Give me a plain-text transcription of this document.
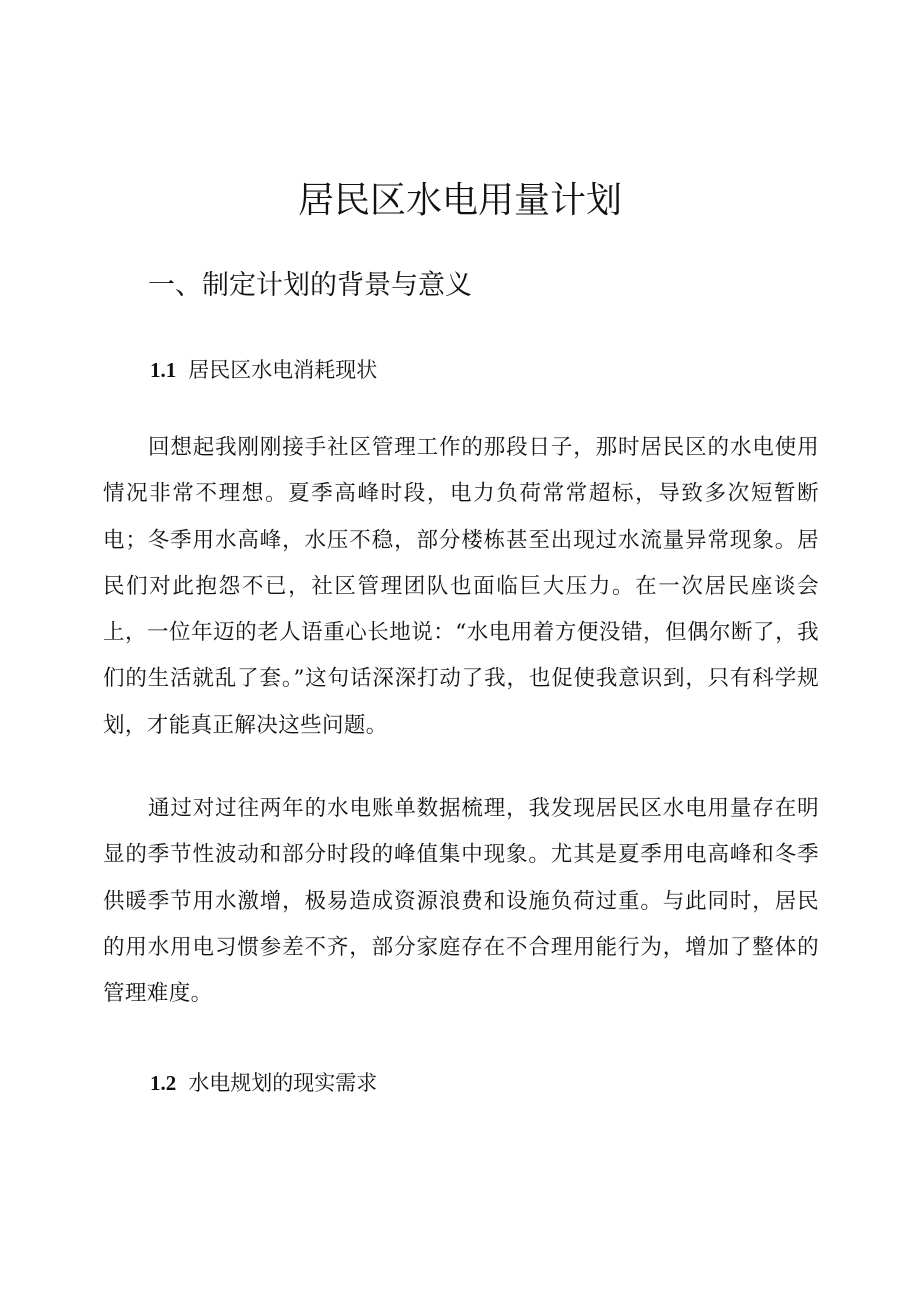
居民区水电用量计划
一、制定计划的背景与意义
1.1 居民区水电消耗现状

回想起我刚刚接手社区管理工作的那段日子，那时居民区的水电使用情况非常不理想。夏季高峰时段，电力负荷常常超标，导致多次短暂断电；冬季用水高峰，水压不稳，部分楼栋甚至出现过水流量异常现象。居民们对此抱怨不已，社区管理团队也面临巨大压力。在一次居民座谈会上，一位年迈的老人语重心长地说：“水电用着方便没错，但偶尔断了，我们的生活就乱了套。”这句话深深打动了我，也促使我意识到，只有科学规划，才能真正解决这些问题。

通过对过往两年的水电账单数据梳理，我发现居民区水电用量存在明显的季节性波动和部分时段的峰值集中现象。尤其是夏季用电高峰和冬季供暖季节用水激增，极易造成资源浪费和设施负荷过重。与此同时，居民的用水用电习惯参差不齐，部分家庭存在不合理用能行为，增加了整体的管理难度。

1.2 水电规划的现实需求
